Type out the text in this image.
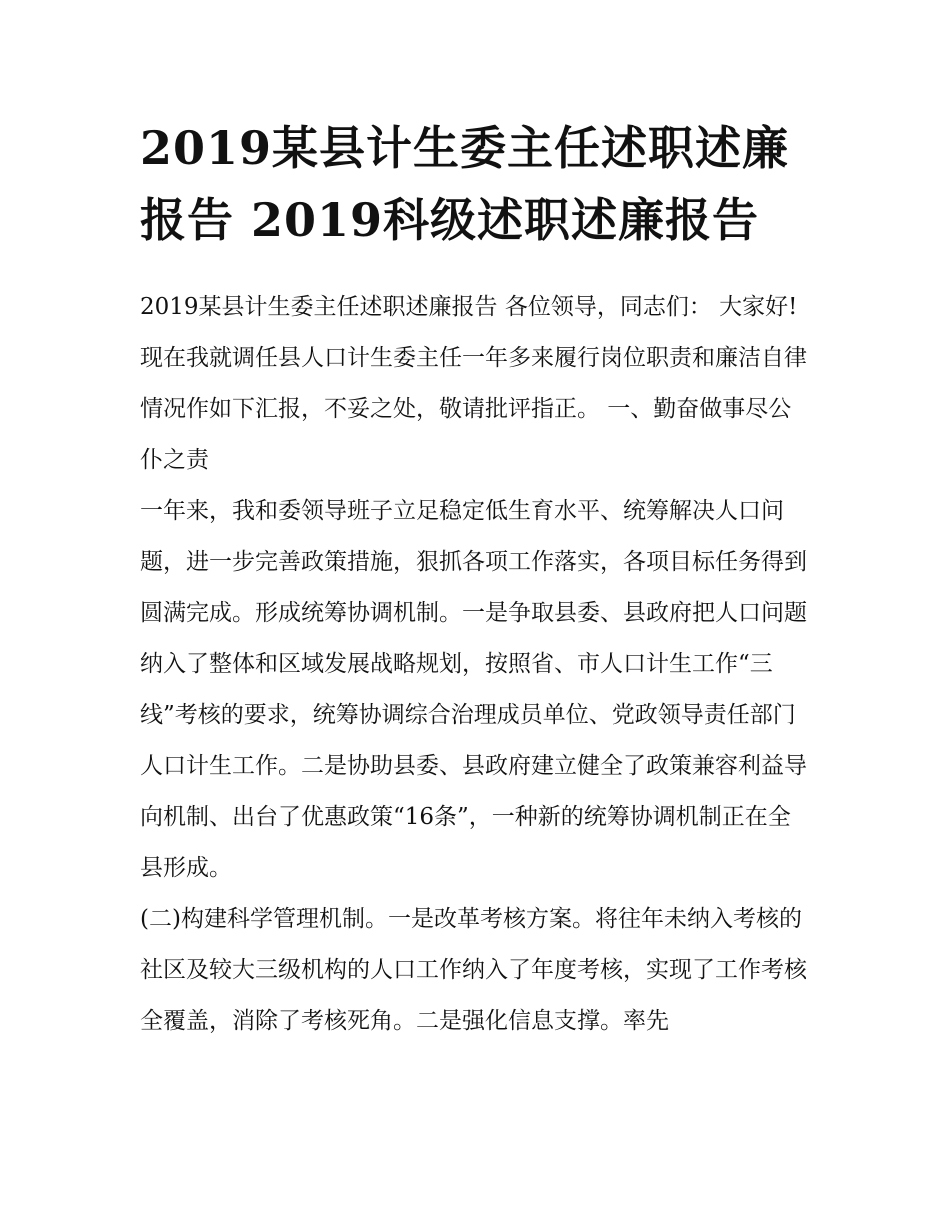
2019某县计生委主任述职述廉报告 2019科级述职述廉报告

2019某县计生委主任述职述廉报告 各位领导，同志们： 大家好!

现在我就调任县人口计生委主任一年多来履行岗位职责和廉洁自律情况作如下汇报，不妥之处，敬请批评指正。 一、勤奋做事尽公仆之责

一年来，我和委领导班子立足稳定低生育水平、统筹解决人口问题，进一步完善政策措施，狠抓各项工作落实，各项目标任务得到圆满完成。形成统筹协调机制。一是争取县委、县政府把人口问题纳入了整体和区域发展战略规划，按照省、市人口计生工作“三线”考核的要求，统筹协调综合治理成员单位、党政领导责任部门人口计生工作。二是协助县委、县政府建立健全了政策兼容利益导向机制、出台了优惠政策“16条”，一种新的统筹协调机制正在全县形成。

(二)构建科学管理机制。一是改革考核方案。将往年未纳入考核的社区及较大三级机构的人口工作纳入了年度考核，实现了工作考核全覆盖，消除了考核死角。二是强化信息支撑。率先
